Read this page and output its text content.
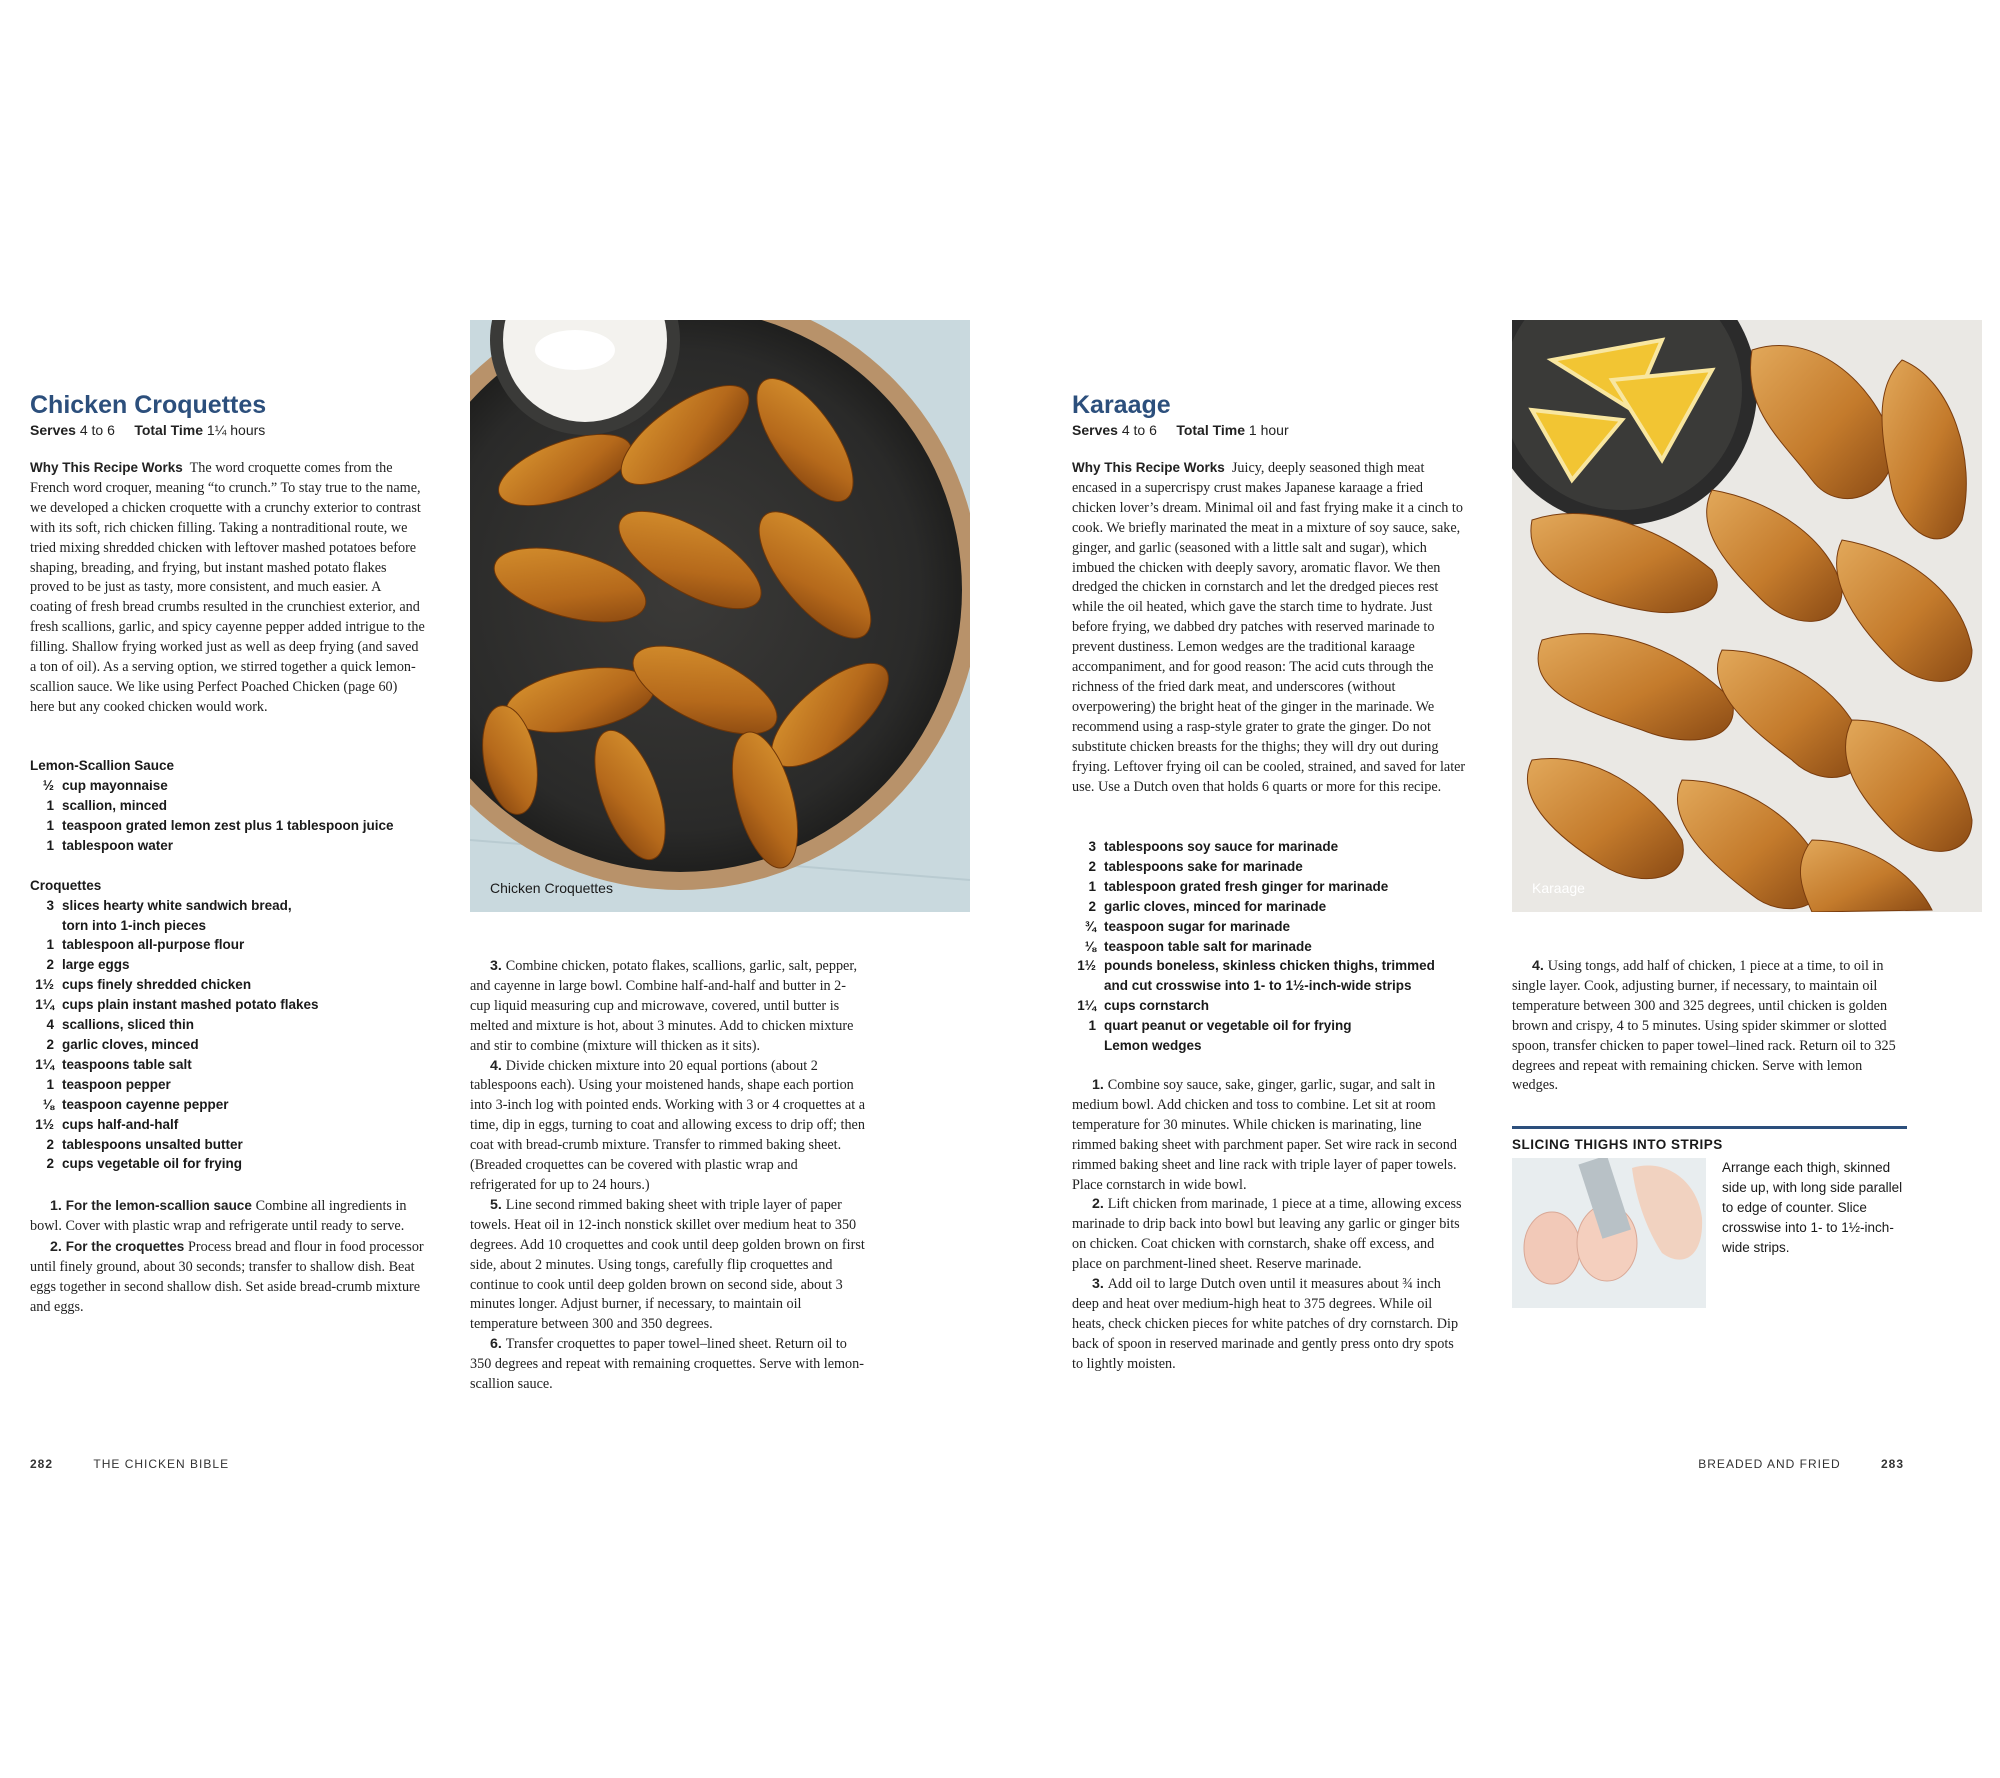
Chicken Croquettes
Serves 4 to 6 Total Time 1¼ hours

Why This Recipe Works The word croquette comes from the French word croquer, meaning “to crunch.” To stay true to the name, we developed a chicken croquette with a crunchy exterior to contrast with its soft, rich chicken filling. Taking a nontraditional route, we tried mixing shredded chicken with leftover mashed potatoes before shaping, breading, and frying, but instant mashed potato flakes proved to be just as tasty, more consistent, and much easier. A coating of fresh bread crumbs resulted in the crunchiest exterior, and fresh scallions, garlic, and spicy cayenne pepper added intrigue to the filling. Shallow frying worked just as well as deep frying (and saved a ton of oil). As a serving option, we stirred together a quick lemon-scallion sauce. We like using Perfect Poached Chicken (page 60) here but any cooked chicken would work.

Lemon-Scallion Sauce

½ cup mayonnaise
1 scallion, minced
1 teaspoon grated lemon zest plus 1 tablespoon juice
1 tablespoon water

Croquettes

3 slices hearty white sandwich bread,
torn into 1-inch pieces
1 tablespoon all-purpose flour
2 large eggs
1½ cups finely shredded chicken
1¼ cups plain instant mashed potato flakes
4 scallions, sliced thin
2 garlic cloves, minced
1¼ teaspoons table salt
1 teaspoon pepper
⅛ teaspoon cayenne pepper
1½ cups half-and-half
2 tablespoons unsalted butter
2 cups vegetable oil for frying

1. For the lemon-scallion sauce Combine all ingredients in bowl. Cover with plastic wrap and refrigerate until ready to serve.

2. For the croquettes Process bread and flour in food processor until finely ground, about 30 seconds; transfer to shallow dish. Beat eggs together in second shallow dish. Set aside bread-crumb mixture and eggs.

Chicken Croquettes

3. Combine chicken, potato flakes, scallions, garlic, salt, pepper, and cayenne in large bowl. Combine half-and-half and butter in 2-cup liquid measuring cup and microwave, covered, until butter is melted and mixture is hot, about 3 minutes. Add to chicken mixture and stir to combine (mixture will thicken as it sits).

4. Divide chicken mixture into 20 equal portions (about 2 tablespoons each). Using your moistened hands, shape each portion into 3-inch log with pointed ends. Working with 3 or 4 croquettes at a time, dip in eggs, turning to coat and allowing excess to drip off; then coat with bread-crumb mixture. Transfer to rimmed baking sheet. (Breaded croquettes can be covered with plastic wrap and refrigerated for up to 24 hours.)

5. Line second rimmed baking sheet with triple layer of paper towels. Heat oil in 12-inch nonstick skillet over medium heat to 350 degrees. Add 10 croquettes and cook until deep golden brown on first side, about 2 minutes. Using tongs, carefully flip croquettes and continue to cook until deep golden brown on second side, about 3 minutes longer. Adjust burner, if necessary, to maintain oil temperature between 300 and 350 degrees.

6. Transfer croquettes to paper towel–lined sheet. Return oil to 350 degrees and repeat with remaining croquettes. Serve with lemon-scallion sauce.

282	THE CHICKEN BIBLE
Karaage
Serves 4 to 6 Total Time 1 hour

Why This Recipe Works Juicy, deeply seasoned thigh meat encased in a supercrispy crust makes Japanese karaage a fried chicken lover’s dream. Minimal oil and fast frying make it a cinch to cook. We briefly marinated the meat in a mixture of soy sauce, sake, ginger, and garlic (seasoned with a little salt and sugar), which imbued the chicken with deeply savory, aromatic flavor. We then dredged the chicken in cornstarch and let the dredged pieces rest while the oil heated, which gave the starch time to hydrate. Just before frying, we dabbed dry patches with reserved marinade to prevent dustiness. Lemon wedges are the traditional karaage accompaniment, and for good reason: The acid cuts through the richness of the fried dark meat, and underscores (without overpowering) the bright heat of the ginger in the marinade. We recommend using a rasp-style grater to grate the ginger. Do not substitute chicken breasts for the thighs; they will dry out during frying. Leftover frying oil can be cooled, strained, and saved for later use. Use a Dutch oven that holds 6 quarts or more for this recipe.

3 tablespoons soy sauce for marinade
2 tablespoons sake for marinade
1 tablespoon grated fresh ginger for marinade
2 garlic cloves, minced for marinade
¾ teaspoon sugar for marinade
⅛ teaspoon table salt for marinade
1½ pounds boneless, skinless chicken thighs, trimmed
and cut crosswise into 1- to 1½-inch-wide strips
1¼ cups cornstarch
1 quart peanut or vegetable oil for frying
Lemon wedges

1. Combine soy sauce, sake, ginger, garlic, sugar, and salt in medium bowl. Add chicken and toss to combine. Let sit at room temperature for 30 minutes. While chicken is marinating, line rimmed baking sheet with parchment paper. Set wire rack in second rimmed baking sheet and line rack with triple layer of paper towels. Place cornstarch in wide bowl.

2. Lift chicken from marinade, 1 piece at a time, allowing excess marinade to drip back into bowl but leaving any garlic or ginger bits on chicken. Coat chicken with cornstarch, shake off excess, and place on parchment-lined sheet. Reserve marinade.

3. Add oil to large Dutch oven until it measures about ¾ inch deep and heat over medium-high heat to 375 degrees. While oil heats, check chicken pieces for white patches of dry cornstarch. Dip back of spoon in reserved marinade and gently press onto dry spots to lightly moisten.

Karaage

4. Using tongs, add half of chicken, 1 piece at a time, to oil in single layer. Cook, adjusting burner, if necessary, to maintain oil temperature between 300 and 325 degrees, until chicken is golden brown and crispy, 4 to 5 minutes. Using spider skimmer or slotted spoon, transfer chicken to paper towel–lined rack. Return oil to 325 degrees and repeat with remaining chicken. Serve with lemon wedges.

SLICING THIGHS INTO STRIPS
Arrange each thigh, skinned side up, with long side parallel to edge of counter. Slice crosswise into 1- to 1½-inch-wide strips.
BREADED AND FRIED	283
